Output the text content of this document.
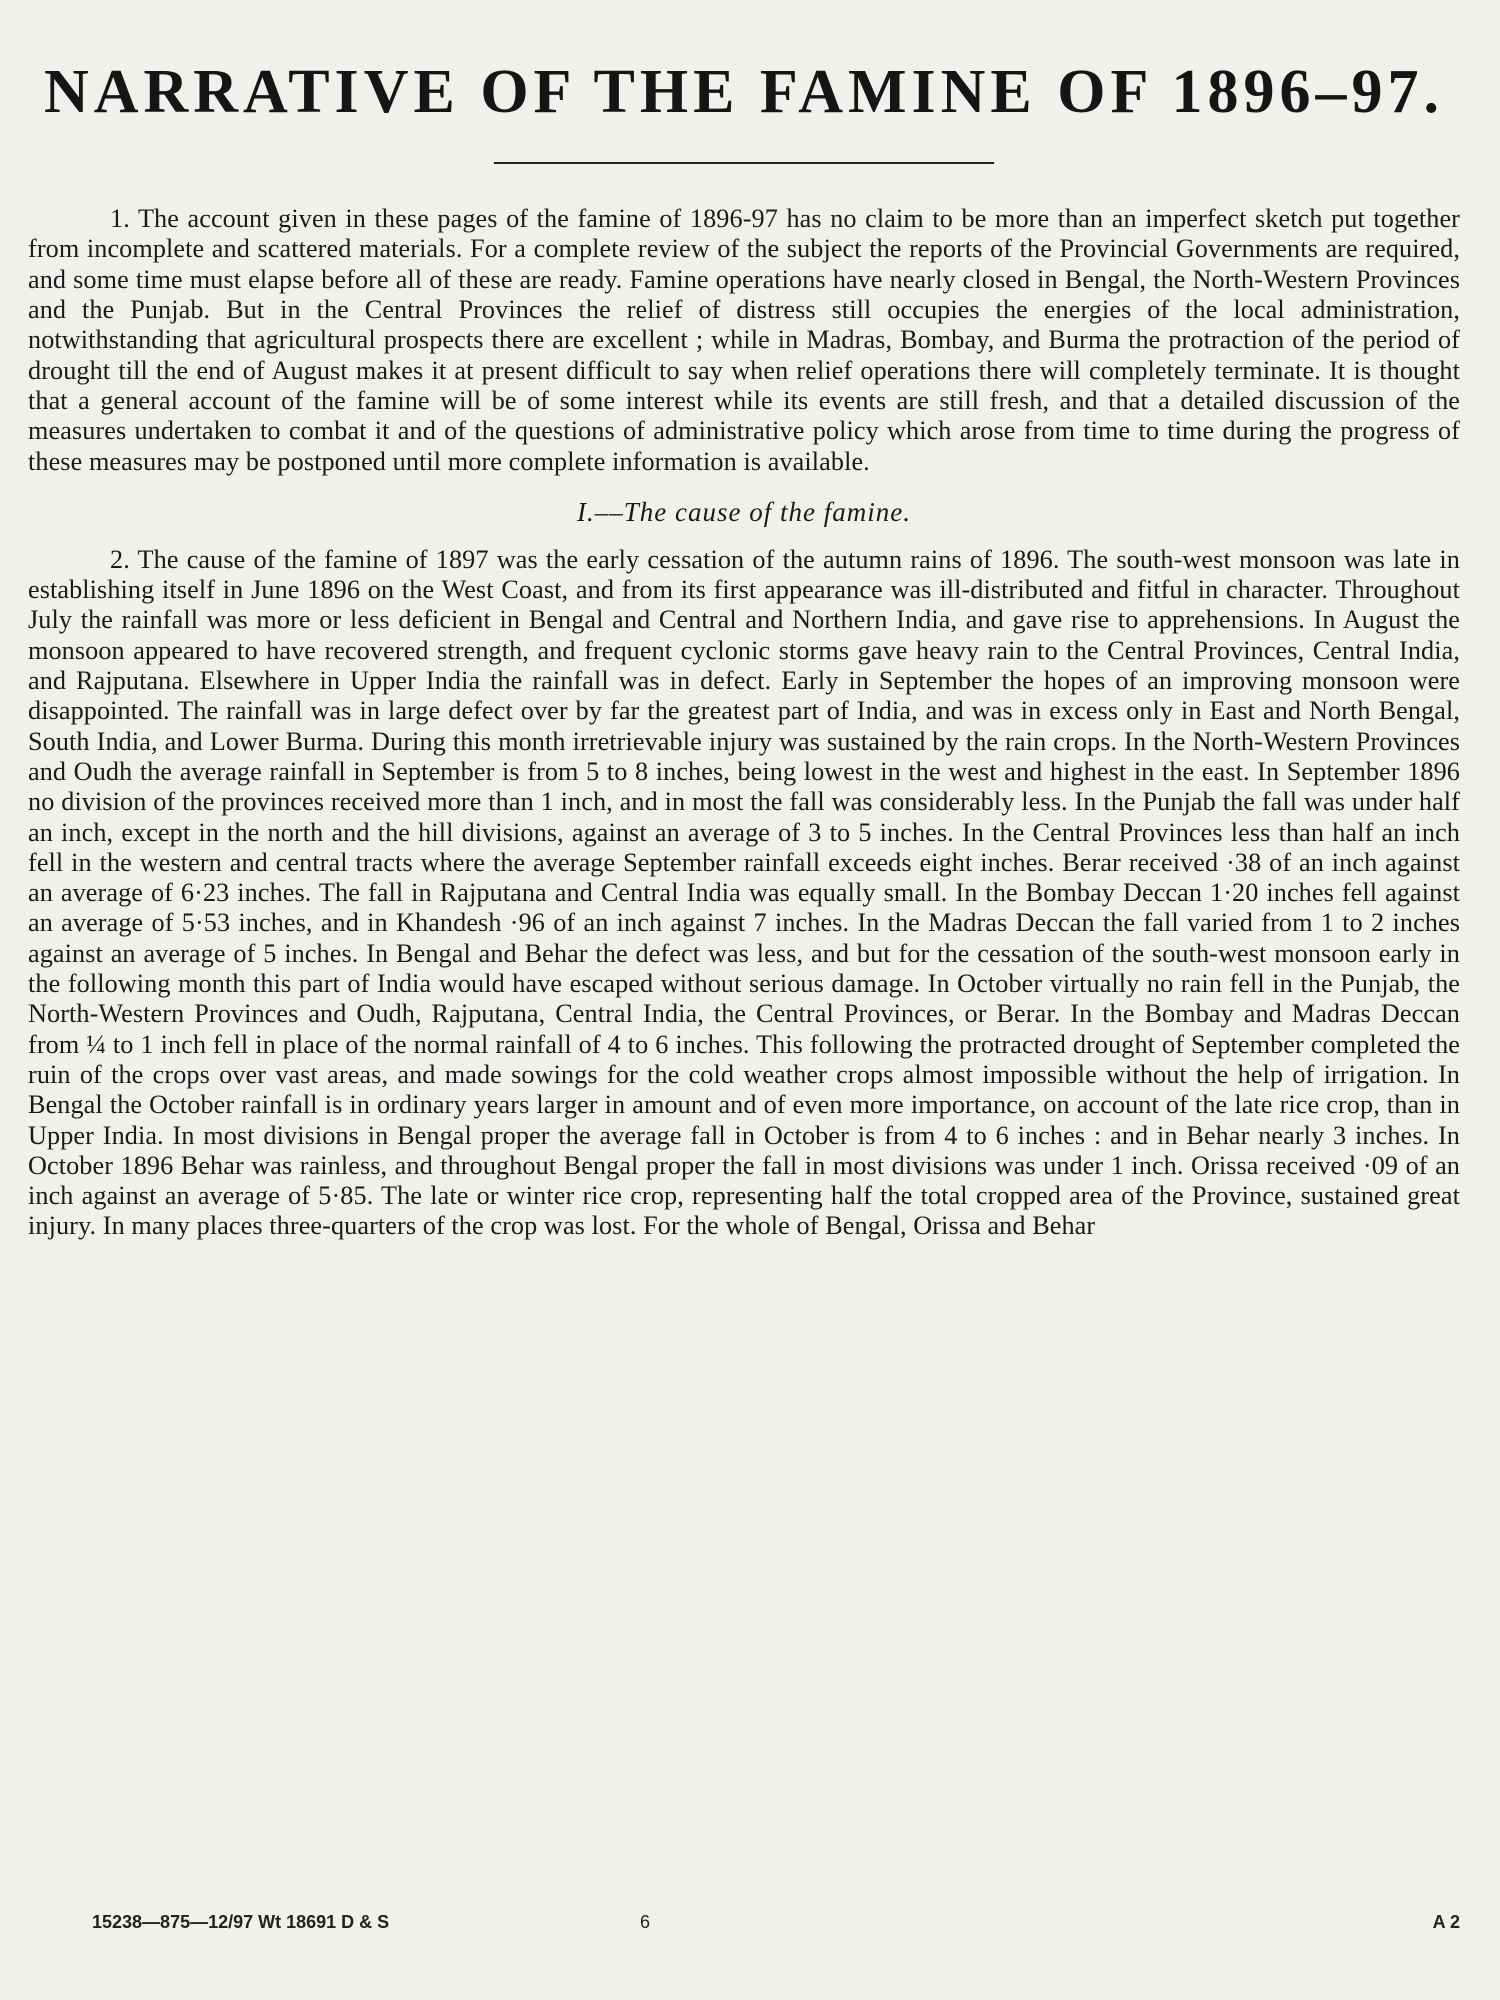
NARRATIVE OF THE FAMINE OF 1896–97.

1. The account given in these pages of the famine of 1896-97 has no claim to be more than an imperfect sketch put together from incomplete and scattered materials. For a complete review of the subject the reports of the Provincial Governments are required, and some time must elapse before all of these are ready. Famine operations have nearly closed in Bengal, the North-Western Provinces and the Punjab. But in the Central Provinces the relief of distress still occupies the energies of the local administration, notwithstanding that agricultural prospects there are excellent ; while in Madras, Bombay, and Burma the protraction of the period of drought till the end of August makes it at present difficult to say when relief operations there will completely terminate. It is thought that a general account of the famine will be of some interest while its events are still fresh, and that a detailed discussion of the measures undertaken to combat it and of the questions of administrative policy which arose from time to time during the progress of these measures may be postponed until more complete information is available.

I.––The cause of the famine.

2. The cause of the famine of 1897 was the early cessation of the autumn rains of 1896. The south-west monsoon was late in establishing itself in June 1896 on the West Coast, and from its first appearance was ill-distributed and fitful in character. Throughout July the rainfall was more or less deficient in Bengal and Central and Northern India, and gave rise to apprehensions. In August the monsoon appeared to have recovered strength, and frequent cyclonic storms gave heavy rain to the Central Provinces, Central India, and Rajputana. Elsewhere in Upper India the rainfall was in defect. Early in September the hopes of an improving monsoon were disappointed. The rainfall was in large defect over by far the greatest part of India, and was in excess only in East and North Bengal, South India, and Lower Burma. During this month irretrievable injury was sustained by the rain crops. In the North-Western Provinces and Oudh the average rainfall in September is from 5 to 8 inches, being lowest in the west and highest in the east. In September 1896 no division of the provinces received more than 1 inch, and in most the fall was considerably less. In the Punjab the fall was under half an inch, except in the north and the hill divisions, against an average of 3 to 5 inches. In the Central Provinces less than half an inch fell in the western and central tracts where the average September rainfall exceeds eight inches. Berar received ·38 of an inch against an average of 6·23 inches. The fall in Rajputana and Central India was equally small. In the Bombay Deccan 1·20 inches fell against an average of 5·53 inches, and in Khandesh ·96 of an inch against 7 inches. In the Madras Deccan the fall varied from 1 to 2 inches against an average of 5 inches. In Bengal and Behar the defect was less, and but for the cessation of the south-west monsoon early in the following month this part of India would have escaped without serious damage. In October virtually no rain fell in the Punjab, the North-Western Provinces and Oudh, Rajputana, Central India, the Central Provinces, or Berar. In the Bombay and Madras Deccan from ¼ to 1 inch fell in place of the normal rainfall of 4 to 6 inches. This following the protracted drought of September completed the ruin of the crops over vast areas, and made sowings for the cold weather crops almost impossible without the help of irrigation. In Bengal the October rainfall is in ordinary years larger in amount and of even more importance, on account of the late rice crop, than in Upper India. In most divisions in Bengal proper the average fall in October is from 4 to 6 inches : and in Behar nearly 3 inches. In October 1896 Behar was rainless, and throughout Bengal proper the fall in most divisions was under 1 inch. Orissa received ·09 of an inch against an average of 5·85. The late or winter rice crop, representing half the total cropped area of the Province, sustained great injury. In many places three-quarters of the crop was lost. For the whole of Bengal, Orissa and Behar

15238—875—12/97 Wt 18691 D & S	6	A 2
